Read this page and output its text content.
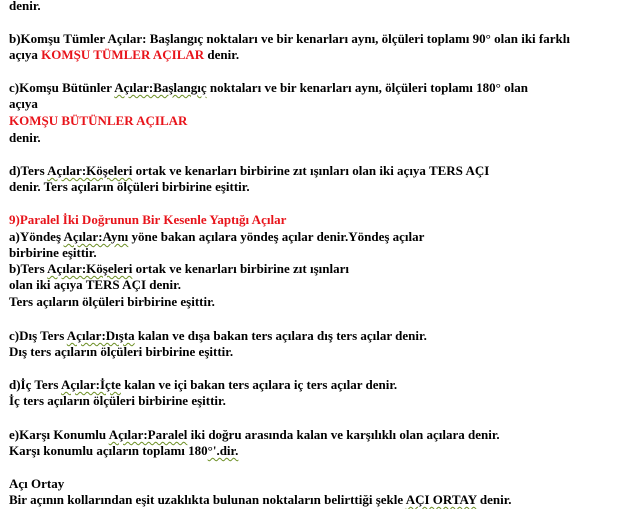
denir.
b)Komşu Tümler Açılar: Başlangıç noktaları ve bir kenarları aynı, ölçüleri toplamı 90° olan iki farklı
açıya KOMŞU TÜMLER AÇILAR denir.
c)Komşu Bütünler Açılar:Başlangıç noktaları ve bir kenarları aynı, ölçüleri toplamı 180° olan
açıya
KOMŞU BÜTÜNLER AÇILAR
denir.
d)Ters Açılar:Köşeleri ortak ve kenarları birbirine zıt ışınları olan iki açıya TERS AÇI
denir. Ters açıların ölçüleri birbirine eşittir.
9)Paralel İki Doğrunun Bir Kesenle Yaptığı Açılar
a)Yöndeş Açılar:Aynı yöne bakan açılara yöndeş açılar denir.Yöndeş açılar
birbirine eşittir.
b)Ters Açılar:Köşeleri ortak ve kenarları birbirine zıt ışınları
olan iki açıya TERS AÇI denir.
Ters açıların ölçüleri birbirine eşittir.
c)Dış Ters Açılar:Dışta kalan ve dışa bakan ters açılara dış ters açılar denir.
Dış ters açıların ölçüleri birbirine eşittir.
d)İç Ters Açılar:İçte kalan ve içi bakan ters açılara iç ters açılar denir.
İç ters açıların ölçüleri birbirine eşittir.
e)Karşı Konumlu Açılar:Paralel iki doğru arasında kalan ve karşılıklı olan açılara denir.
Karşı konumlu açıların toplamı 180°'.dir.
Açı Ortay
Bir açının kollarından eşit uzaklıkta bulunan noktaların belirttiği şekle AÇI ORTAY denir.
